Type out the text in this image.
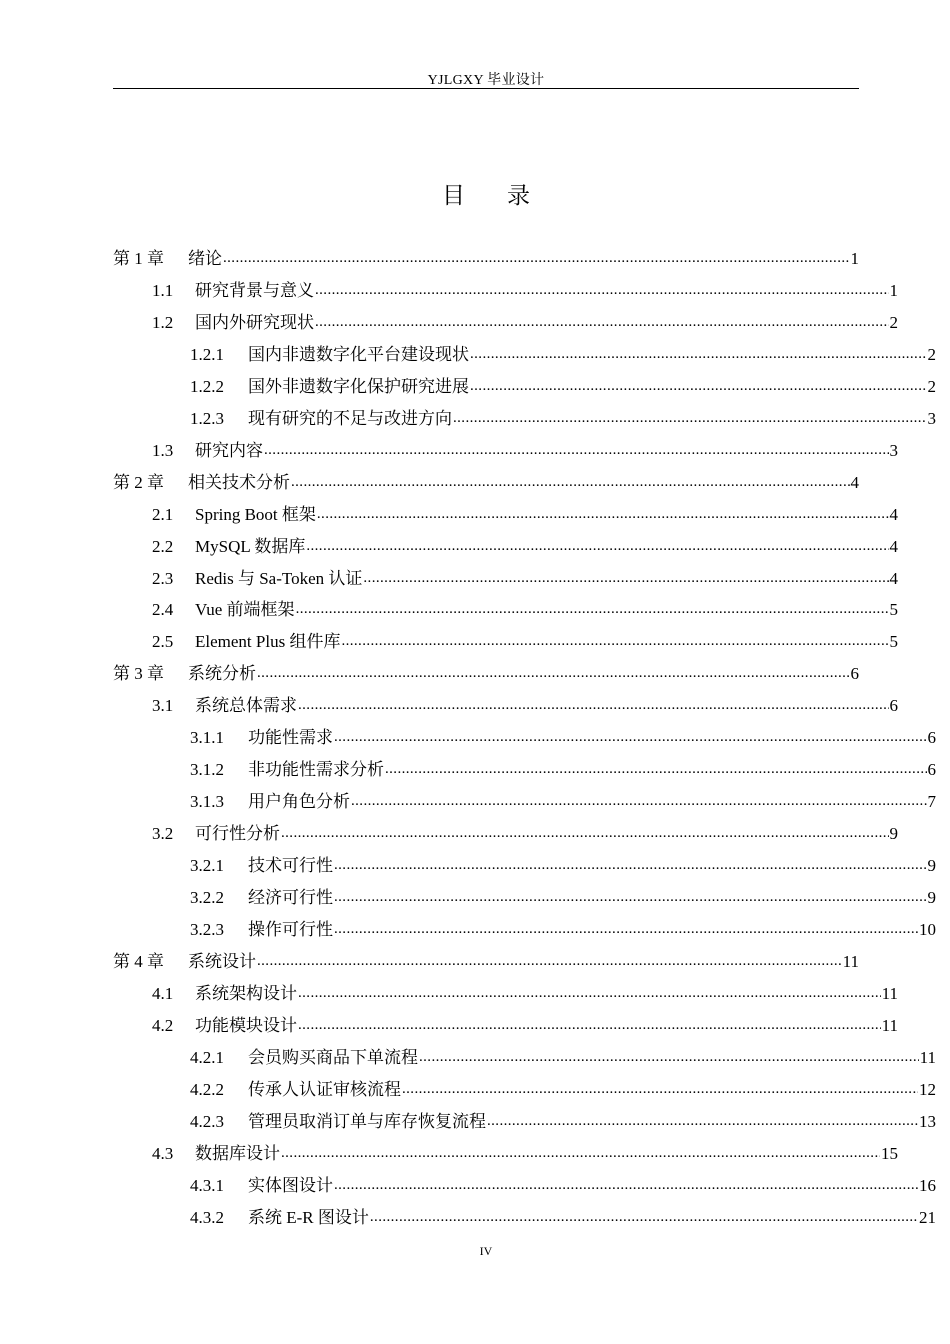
YJLGXY 毕业设计
目 录
第 1 章	绪论 .....	1
1.1	研究背景与意义 .....	1
1.2	国内外研究现状 .....	2
1.2.1	国内非遗数字化平台建设现状 .....	2
1.2.2	国外非遗数字化保护研究进展 .....	2
1.2.3	现有研究的不足与改进方向 .....	3
1.3	研究内容 .....	3
第 2 章	相关技术分析 .....	4
2.1	Spring Boot 框架 .....	4
2.2	MySQL 数据库 .....	4
2.3	Redis 与 Sa-Token 认证 .....	4
2.4	Vue 前端框架 .....	5
2.5	Element Plus 组件库 .....	5
第 3 章	系统分析 .....	6
3.1	系统总体需求 .....	6
3.1.1	功能性需求 .....	6
3.1.2	非功能性需求分析 .....	6
3.1.3	用户角色分析 .....	7
3.2	可行性分析 .....	9
3.2.1	技术可行性 .....	9
3.2.2	经济可行性 .....	9
3.2.3	操作可行性 .....	10
第 4 章	系统设计 .....	11
4.1	系统架构设计 .....	11
4.2	功能模块设计 .....	11
4.2.1	会员购买商品下单流程 .....	11
4.2.2	传承人认证审核流程 .....	12
4.2.3	管理员取消订单与库存恢复流程 .....	13
4.3	数据库设计 .....	15
4.3.1	实体图设计 .....	16
4.3.2	系统 E-R 图设计 .....	21
IV
